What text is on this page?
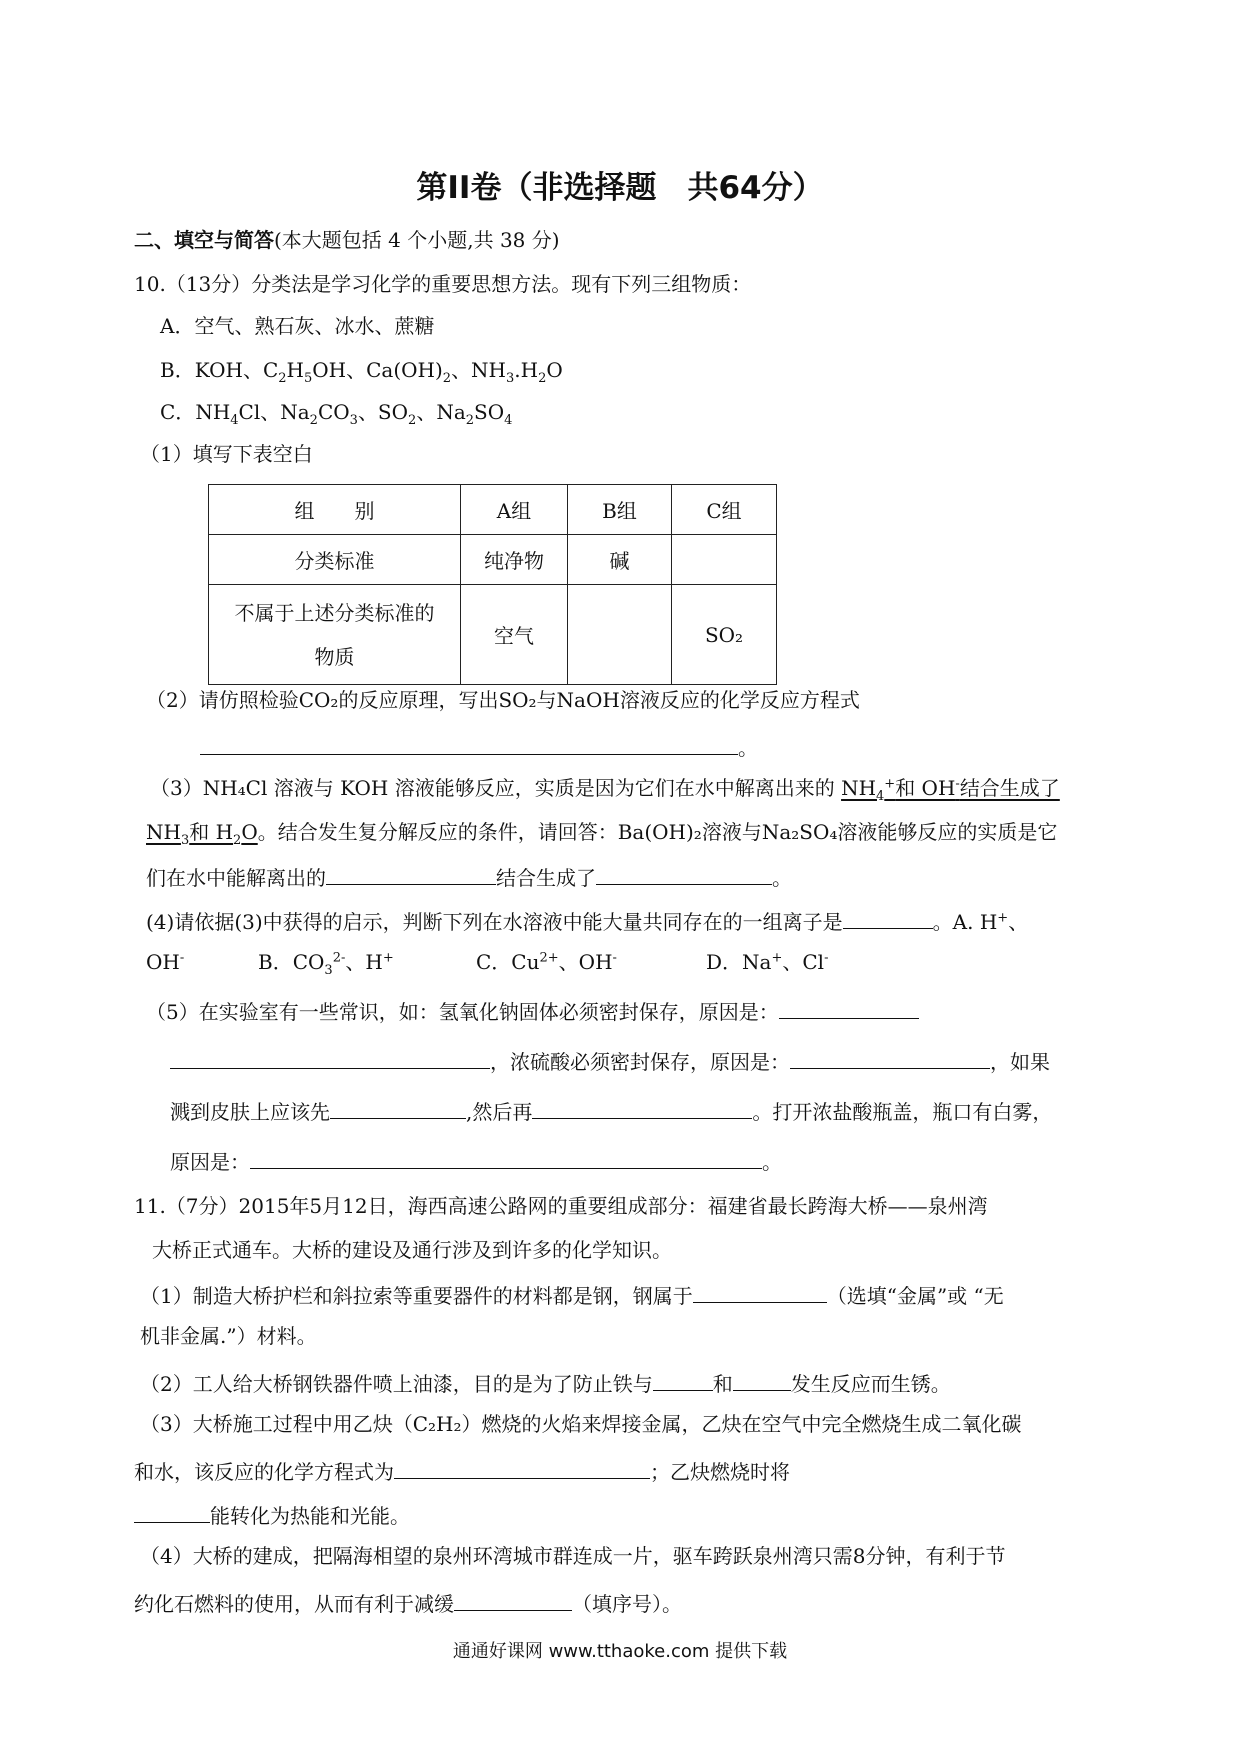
第II卷（非选择题　共64分）
二、填空与简答(本大题包括 4 个小题,共 38 分)
10.（13分）分类法是学习化学的重要思想方法。现有下列三组物质：
A．空气、熟石灰、冰水、蔗糖
B．KOH、$C_2H_5OH$、$Ca(OH)_2$、$NH_3.H_2O$
C．$NH_4Cl$、$Na_2CO_3$、$SO_2$、$Na_2SO_4$
（1）填写下表空白
组　　别	A组	B组	C组
分类标准	纯净物	碱	

不属于上述分类标准的
物质	空气		SO₂
（2）请仿照检验CO₂的反应原理，写出SO₂与NaOH溶液反应的化学反应方程式
。
（3）NH₄Cl 溶液与 KOH 溶液能够反应，实质是因为它们在水中解离出来的 $NH_4^+$和 OH-结合生成了
$NH_3$和 $H_2O$。结合发生复分解反应的条件，请回答：Ba(OH)₂溶液与Na₂SO₄溶液能够反应的实质是它
们在水中能解离出的	结合生成了	。
(4)请依据(3)中获得的启示，判断下列在水溶液中能大量共同存在的一组离子是	。A. H+、
OH-	B．$CO_3^{2-}$、H+	C．$Cu^{2+}$、OH-	D．Na+、Cl-
（5）在实验室有一些常识，如：氢氧化钠固体必须密封保存，原因是：
，浓硫酸必须密封保存，原因是：	，如果
溅到皮肤上应该先	,然后再	。打开浓盐酸瓶盖，瓶口有白雾，
原因是：	。
11.（7分）2015年5月12日，海西高速公路网的重要组成部分：福建省最长跨海大桥——泉州湾
大桥正式通车。大桥的建设及通行涉及到许多的化学知识。
（1）制造大桥护栏和斜拉索等重要器件的材料都是钢，钢属于	（选填“金属”或 “无
机非金属.”）材料。
（2）工人给大桥钢铁器件喷上油漆，目的是为了防止铁与	和	发生反应而生锈。
（3）大桥施工过程中用乙炔（C₂H₂）燃烧的火焰来焊接金属，乙炔在空气中完全燃烧生成二氧化碳
和水，该反应的化学方程式为	；乙炔燃烧时将
能转化为热能和光能。
（4）大桥的建成，把隔海相望的泉州环湾城市群连成一片，驱车跨跃泉州湾只需8分钟，有利于节
约化石燃料的使用，从而有利于减缓	（填序号）。
通通好课网 www.tthaoke.com 提供下载
